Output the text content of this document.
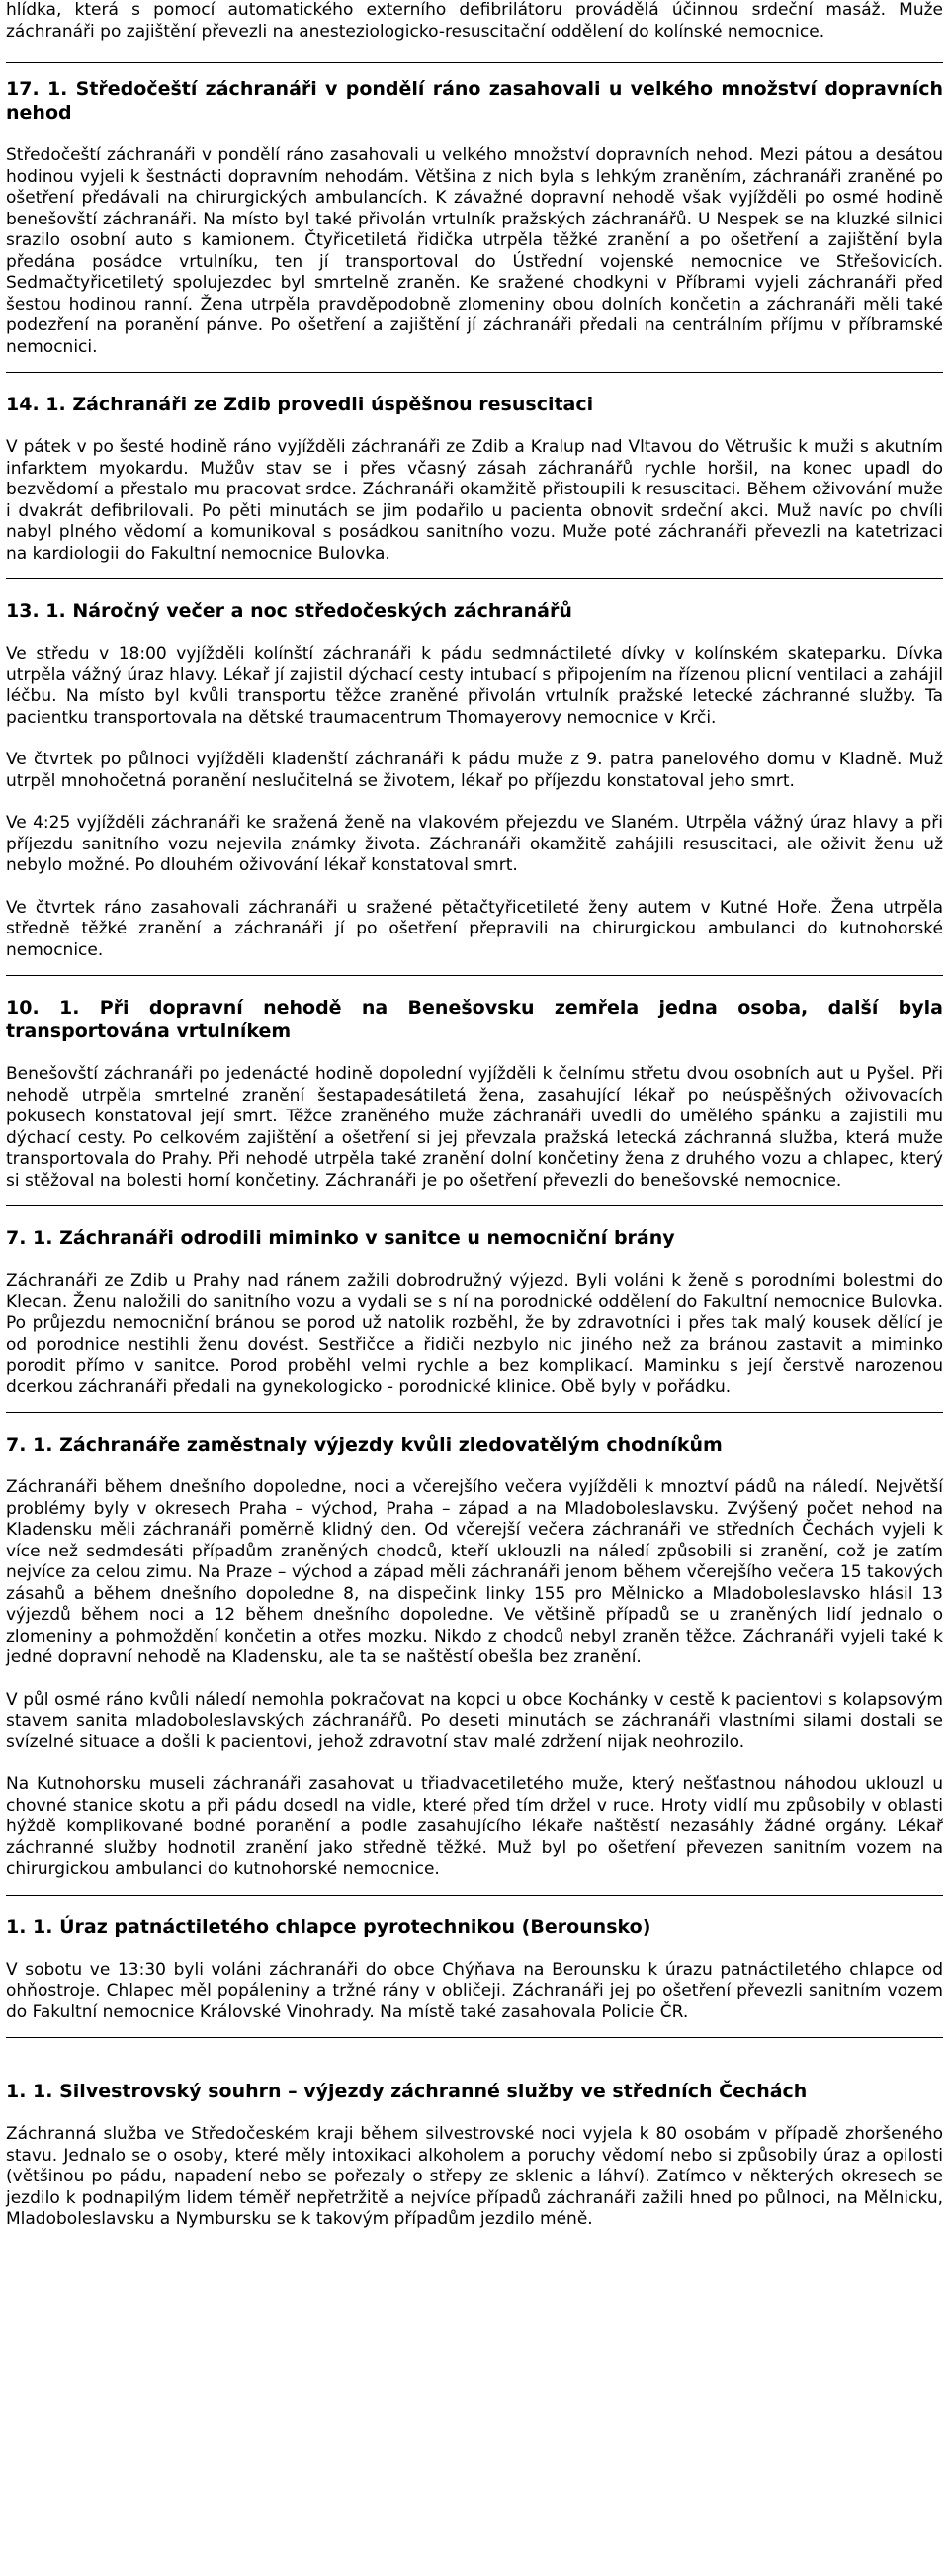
hlídka, která s pomocí automatického externího defibrilátoru provádělá účinnou srdeční masáž. Muže záchranáři po zajištění převezli na anesteziologicko-resuscitační oddělení do kolínské nemocnice.

17. 1. Středočeští záchranáři v pondělí ráno zasahovali u velkého množství dopravních nehod

Středočeští záchranáři v pondělí ráno zasahovali u velkého množství dopravních nehod. Mezi pátou a desátou hodinou vyjeli k šestnácti dopravním nehodám. Většina z nich byla s lehkým zraněním, záchranáři zraněné po ošetření předávali na chirurgických ambulancích. K závažné dopravní nehodě však vyjížděli po osmé hodině benešovští záchranáři. Na místo byl také přivolán vrtulník pražských záchranářů. U Nespek se na kluzké silnici srazilo osobní auto s kamionem. Čtyřicetiletá řidička utrpěla těžké zranění a po ošetření a zajištění byla předána posádce vrtulníku, ten jí transportoval do Ústřední vojenské nemocnice ve Střešovicích. Sedmačtyřicetiletý spolujezdec byl smrtelně zraněn. Ke sražené chodkyni v Příbrami vyjeli záchranáři před šestou hodinou ranní. Žena utrpěla pravděpodobně zlomeniny obou dolních končetin a záchranáři měli také podezření na poranění pánve. Po ošetření a zajištění jí záchranáři předali na centrálním příjmu v příbramské nemocnici.

14. 1. Záchranáři ze Zdib provedli úspěšnou resuscitaci

V pátek v po šesté hodině ráno vyjížděli záchranáři ze Zdib a Kralup nad Vltavou do Větrušic k muži s akutním infarktem myokardu. Mužův stav se i přes včasný zásah záchranářů rychle horšil, na konec upadl do bezvědomí a přestalo mu pracovat srdce. Záchranáři okamžitě přistoupili k resuscitaci. Během oživování muže i dvakrát defibrilovali. Po pěti minutách se jim podařilo u pacienta obnovit srdeční akci. Muž navíc po chvíli nabyl plného vědomí a komunikoval s posádkou sanitního vozu. Muže poté záchranáři převezli na katetrizaci na kardiologii do Fakultní nemocnice Bulovka.

13. 1. Náročný večer a noc středočeských záchranářů

Ve středu v 18:00 vyjížděli kolínští záchranáři k pádu sedmnáctileté dívky v kolínském skateparku. Dívka utrpěla vážný úraz hlavy. Lékař jí zajistil dýchací cesty intubací s připojením na řízenou plicní ventilaci a zahájil léčbu. Na místo byl kvůli transportu těžce zraněné přivolán vrtulník pražské letecké záchranné služby. Ta pacientku transportovala na dětské traumacentrum Thomayerovy nemocnice v Krči.

Ve čtvrtek po půlnoci vyjížděli kladenští záchranáři k pádu muže z 9. patra panelového domu v Kladně. Muž utrpěl mnohočetná poranění neslučitelná se životem, lékař po příjezdu konstatoval jeho smrt.

Ve 4:25 vyjížděli záchranáři ke sražená ženě na vlakovém přejezdu ve Slaném. Utrpěla vážný úraz hlavy a při příjezdu sanitního vozu nejevila známky života. Záchranáři okamžitě zahájili resuscitaci, ale oživit ženu už nebylo možné. Po dlouhém oživování lékař konstatoval smrt.

Ve čtvrtek ráno zasahovali záchranáři u sražené pětačtyřicetileté ženy autem v Kutné Hoře. Žena utrpěla středně těžké zranění a záchranáři jí po ošetření přepravili na chirurgickou ambulanci do kutnohorské nemocnice.

10. 1. Při dopravní nehodě na Benešovsku zemřela jedna osoba, další byla transportována vrtulníkem

Benešovští záchranáři po jedenácté hodině dopolední vyjížděli k čelnímu střetu dvou osobních aut u Pyšel. Při nehodě utrpěla smrtelné zranění šestapadesátiletá žena, zasahující lékař po neúspěšných oživovacích pokusech konstatoval její smrt. Těžce zraněného muže záchranáři uvedli do umělého spánku a zajistili mu dýchací cesty. Po celkovém zajištění a ošetření si jej převzala pražská letecká záchranná služba, která muže transportovala do Prahy. Při nehodě utrpěla také zranění dolní končetiny žena z druhého vozu a chlapec, který si stěžoval na bolesti horní končetiny. Záchranáři je po ošetření převezli do benešovské nemocnice.

7. 1. Záchranáři odrodili miminko v sanitce u nemocniční brány

Záchranáři ze Zdib u Prahy nad ránem zažili dobrodružný výjezd. Byli voláni k ženě s porodními bolestmi do Klecan. Ženu naložili do sanitního vozu a vydali se s ní na porodnické oddělení do Fakultní nemocnice Bulovka. Po průjezdu nemocniční bránou se porod už natolik rozběhl, že by zdravotníci i přes tak malý kousek dělící je od porodnice nestihli ženu dovést. Sestřičce a řidiči nezbylo nic jiného než za bránou zastavit a miminko porodit přímo v sanitce. Porod proběhl velmi rychle a bez komplikací. Maminku s její čerstvě narozenou dcerkou záchranáři předali na gynekologicko - porodnické klinice. Obě byly v pořádku.

7. 1. Záchranáře zaměstnaly výjezdy kvůli zledovatělým chodníkům

Záchranáři během dnešního dopoledne, noci a včerejšího večera vyjížděli k mnoztví pádů na náledí. Největší problémy byly v okresech Praha – východ, Praha – západ a na Mladoboleslavsku. Zvýšený počet nehod na Kladensku měli záchranáři poměrně klidný den. Od včerejší večera záchranáři ve středních Čechách vyjeli k více než sedmdesáti případům zraněných chodců, kteří uklouzli na náledí způsobili si zranění, což je zatím nejvíce za celou zimu. Na Praze – východ a západ měli záchranáři jenom během včerejšího večera 15 takových zásahů a během dnešního dopoledne 8, na dispečink linky 155 pro Mělnicko a Mladoboleslavsko hlásil 13 výjezdů během noci a 12 během dnešního dopoledne. Ve většině případů se u zraněných lidí jednalo o zlomeniny a pohmoždění končetin a otřes mozku. Nikdo z chodců nebyl zraněn těžce. Záchranáři vyjeli také k jedné dopravní nehodě na Kladensku, ale ta se naštěstí obešla bez zranění.

V půl osmé ráno kvůli náledí nemohla pokračovat na kopci u obce Kochánky v cestě k pacientovi s kolapsovým stavem sanita mladoboleslavských záchranářů. Po deseti minutách se záchranáři vlastními silami dostali se svízelné situace a došli k pacientovi, jehož zdravotní stav malé zdržení nijak neohrozilo.

Na Kutnohorsku museli záchranáři zasahovat u třiadvacetiletého muže, který nešťastnou náhodou uklouzl u chovné stanice skotu a při pádu dosedl na vidle, které před tím držel v ruce. Hroty vidlí mu způsobily v oblasti hýždě komplikované bodné poranění a podle zasahujícího lékaře naštěstí nezasáhly žádné orgány. Lékař záchranné služby hodnotil zranění jako středně těžké. Muž byl po ošetření převezen sanitním vozem na chirurgickou ambulanci do kutnohorské nemocnice.

1. 1. Úraz patnáctiletého chlapce pyrotechnikou (Berounsko)

V sobotu ve 13:30 byli voláni záchranáři do obce Chýňava na Berounsku k úrazu patnáctiletého chlapce od ohňostroje. Chlapec měl popáleniny a tržné rány v obličeji. Záchranáři jej po ošetření převezli sanitním vozem do Fakultní nemocnice Královské Vinohrady. Na místě také zasahovala Policie ČR.

1. 1. Silvestrovský souhrn – výjezdy záchranné služby ve středních Čechách

Záchranná služba ve Středočeském kraji během silvestrovské noci vyjela k 80 osobám v případě zhoršeného stavu. Jednalo se o osoby, které měly intoxikaci alkoholem a poruchy vědomí nebo si způsobily úraz a opilosti (většinou po pádu, napadení nebo se pořezaly o střepy ze sklenic a láhví). Zatímco v některých okresech se jezdilo k podnapilým lidem téměř nepřetržitě a nejvíce případů záchranáři zažili hned po půlnoci, na Mělnicku, Mladoboleslavsku a Nymbursku se k takovým případům jezdilo méně.
